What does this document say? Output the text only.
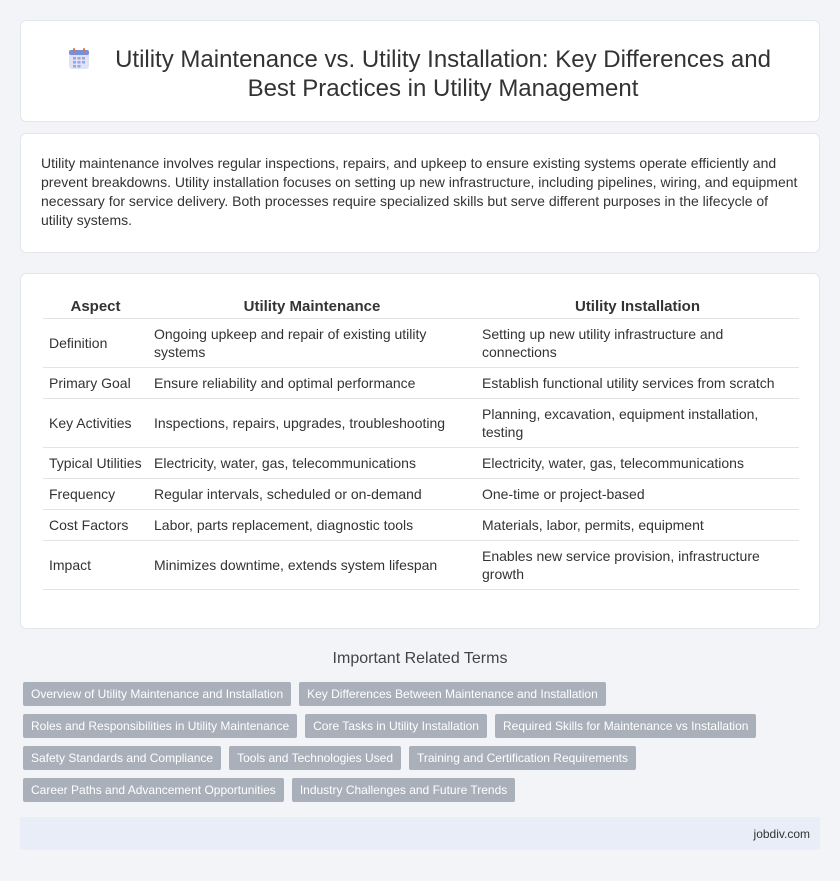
Utility Maintenance vs. Utility Installation: Key Differences and Best Practices in Utility Management

Utility maintenance involves regular inspections, repairs, and upkeep to ensure existing systems operate efficiently and prevent breakdowns. Utility installation focuses on setting up new infrastructure, including pipelines, wiring, and equipment necessary for service delivery. Both processes require specialized skills but serve different purposes in the lifecycle of utility systems.

Aspect	Utility Maintenance	Utility Installation
Definition	Ongoing upkeep and repair of existing utility systems	Setting up new utility infrastructure and connections
Primary Goal	Ensure reliability and optimal performance	Establish functional utility services from scratch
Key Activities	Inspections, repairs, upgrades, troubleshooting	Planning, excavation, equipment installation, testing
Typical Utilities	Electricity, water, gas, telecommunications	Electricity, water, gas, telecommunications
Frequency	Regular intervals, scheduled or on-demand	One-time or project-based
Cost Factors	Labor, parts replacement, diagnostic tools	Materials, labor, permits, equipment
Impact	Minimizes downtime, extends system lifespan	Enables new service provision, infrastructure growth
Important Related Terms
Overview of Utility Maintenance and Installation	Key Differences Between Maintenance and Installation
Roles and Responsibilities in Utility Maintenance	Core Tasks in Utility Installation	Required Skills for Maintenance vs Installation
Safety Standards and Compliance	Tools and Technologies Used	Training and Certification Requirements
Career Paths and Advancement Opportunities	Industry Challenges and Future Trends
jobdiv.com
